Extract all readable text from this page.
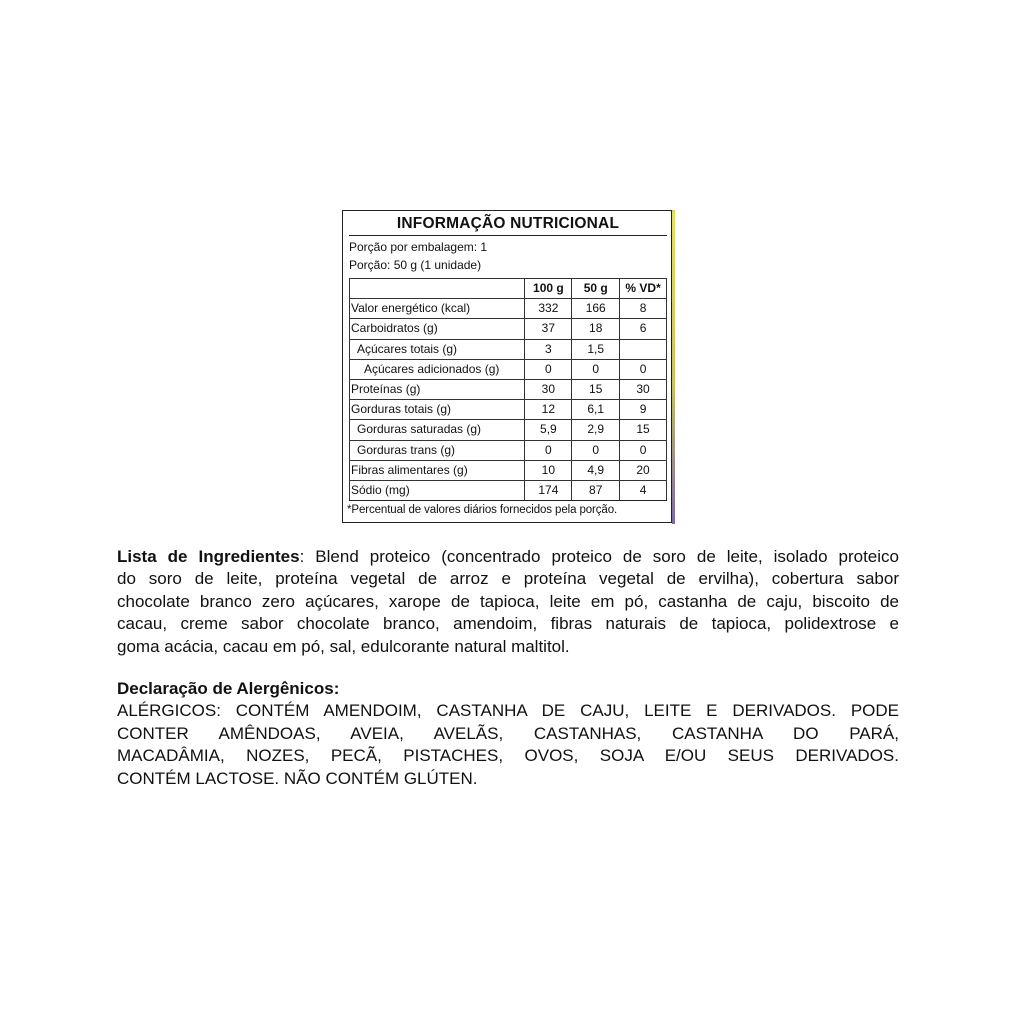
INFORMAÇÃO NUTRICIONAL
Porção por embalagem: 1
Porção: 50 g (1 unidade)
	100 g	50 g	% VD*
Valor energético (kcal)	332	166	8
Carboidratos (g)	37	18	6
Açúcares totais (g)	3	1,5	
Açúcares adicionados (g)	0	0	0
Proteínas (g)	30	15	30
Gorduras totais (g)	12	6,1	9
Gorduras saturadas (g)	5,9	2,9	15
Gorduras trans (g)	0	0	0
Fibras alimentares (g)	10	4,9	20
Sódio (mg)	174	87	4
*Percentual de valores diários fornecidos pela porção.
Lista de Ingredientes: Blend proteico (concentrado proteico de soro de leite, isolado proteico
do soro de leite, proteína vegetal de arroz e proteína vegetal de ervilha), cobertura sabor
chocolate branco zero açúcares, xarope de tapioca, leite em pó, castanha de caju, biscoito de
cacau, creme sabor chocolate branco, amendoim, fibras naturais de tapioca, polidextrose e
goma acácia, cacau em pó, sal, edulcorante natural maltitol.
Declaração de Alergênicos:
ALÉRGICOS: CONTÉM AMENDOIM, CASTANHA DE CAJU, LEITE E DERIVADOS. PODE
CONTER AMÊNDOAS, AVEIA, AVELÃS, CASTANHAS, CASTANHA DO PARÁ,
MACADÂMIA, NOZES, PECÃ, PISTACHES, OVOS, SOJA E/OU SEUS DERIVADOS.
CONTÉM LACTOSE. NÃO CONTÉM GLÚTEN.
